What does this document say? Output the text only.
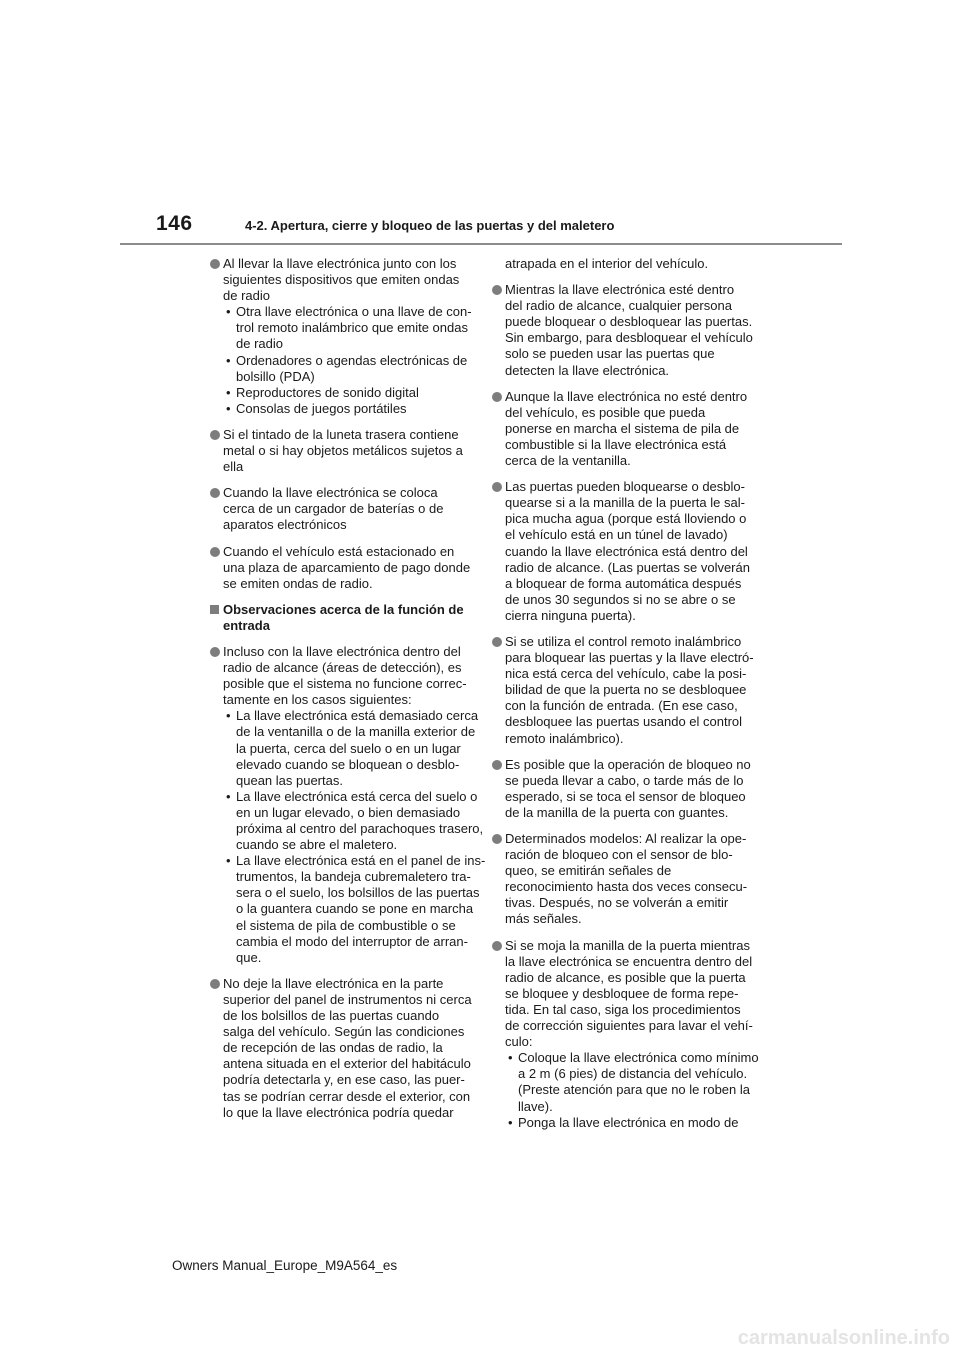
146	4-2. Apertura, cierre y bloqueo de las puertas y del maletero
Al llevar la llave electrónica junto con los
siguientes dispositivos que emiten ondas
de radio
• Otra llave electrónica o una llave de con-
trol remoto inalámbrico que emite ondas
de radio
• Ordenadores o agendas electrónicas de
bolsillo (PDA)
• Reproductores de sonido digital
• Consolas de juegos portátiles
Si el tintado de la luneta trasera contiene
metal o si hay objetos metálicos sujetos a
ella
Cuando la llave electrónica se coloca
cerca de un cargador de baterías o de
aparatos electrónicos
Cuando el vehículo está estacionado en
una plaza de aparcamiento de pago donde
se emiten ondas de radio.
Observaciones acerca de la función de
entrada
Incluso con la llave electrónica dentro del
radio de alcance (áreas de detección), es
posible que el sistema no funcione correc-
tamente en los casos siguientes:
• La llave electrónica está demasiado cerca
de la ventanilla o de la manilla exterior de
la puerta, cerca del suelo o en un lugar
elevado cuando se bloquean o desblo-
quean las puertas.
• La llave electrónica está cerca del suelo o
en un lugar elevado, o bien demasiado
próxima al centro del parachoques trasero,
cuando se abre el maletero.
• La llave electrónica está en el panel de ins-
trumentos, la bandeja cubremaletero tra-
sera o el suelo, los bolsillos de las puertas
o la guantera cuando se pone en marcha
el sistema de pila de combustible o se
cambia el modo del interruptor de arran-
que.
No deje la llave electrónica en la parte
superior del panel de instrumentos ni cerca
de los bolsillos de las puertas cuando
salga del vehículo. Según las condiciones
de recepción de las ondas de radio, la
antena situada en el exterior del habitáculo
podría detectarla y, en ese caso, las puer-
tas se podrían cerrar desde el exterior, con
lo que la llave electrónica podría quedar
atrapada en el interior del vehículo.
Mientras la llave electrónica esté dentro
del radio de alcance, cualquier persona
puede bloquear o desbloquear las puertas.
Sin embargo, para desbloquear el vehículo
solo se pueden usar las puertas que
detecten la llave electrónica.
Aunque la llave electrónica no esté dentro
del vehículo, es posible que pueda
ponerse en marcha el sistema de pila de
combustible si la llave electrónica está
cerca de la ventanilla.
Las puertas pueden bloquearse o desblo-
quearse si a la manilla de la puerta le sal-
pica mucha agua (porque está lloviendo o
el vehículo está en un túnel de lavado)
cuando la llave electrónica está dentro del
radio de alcance. (Las puertas se volverán
a bloquear de forma automática después
de unos 30 segundos si no se abre o se
cierra ninguna puerta).
Si se utiliza el control remoto inalámbrico
para bloquear las puertas y la llave electró-
nica está cerca del vehículo, cabe la posi-
bilidad de que la puerta no se desbloquee
con la función de entrada. (En ese caso,
desbloquee las puertas usando el control
remoto inalámbrico).
Es posible que la operación de bloqueo no
se pueda llevar a cabo, o tarde más de lo
esperado, si se toca el sensor de bloqueo
de la manilla de la puerta con guantes.
Determinados modelos: Al realizar la ope-
ración de bloqueo con el sensor de blo-
queo, se emitirán señales de
reconocimiento hasta dos veces consecu-
tivas. Después, no se volverán a emitir
más señales.
Si se moja la manilla de la puerta mientras
la llave electrónica se encuentra dentro del
radio de alcance, es posible que la puerta
se bloquee y desbloquee de forma repe-
tida. En tal caso, siga los procedimientos
de corrección siguientes para lavar el vehí-
culo:
• Coloque la llave electrónica como mínimo
a 2 m (6 pies) de distancia del vehículo.
(Preste atención para que no le roben la
llave).
• Ponga la llave electrónica en modo de
Owners Manual_Europe_M9A564_es
carmanualsonline.info
